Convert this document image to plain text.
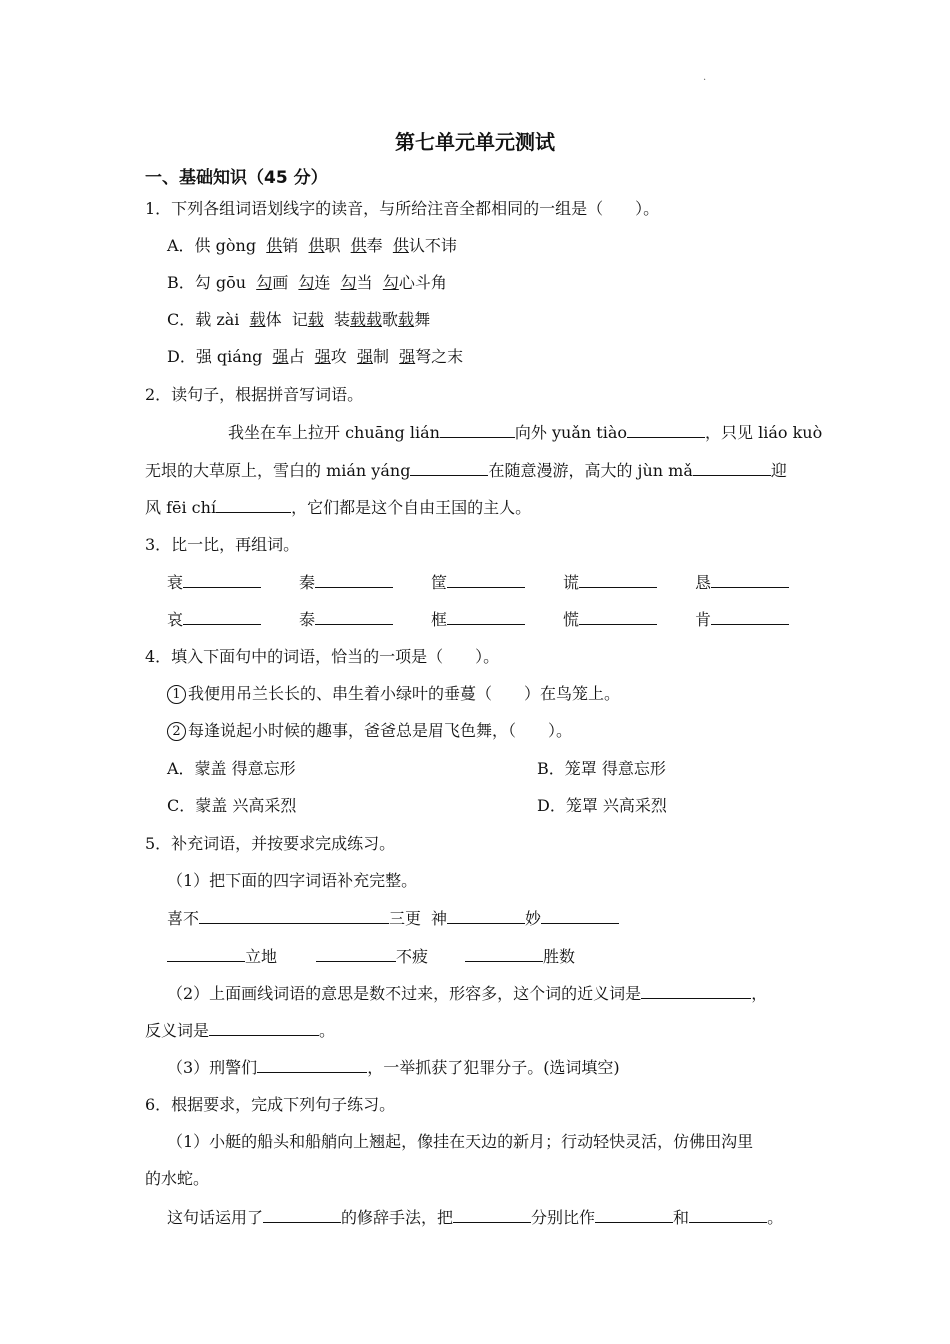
.
第七单元单元测试
一、基础知识（45 分）
1．下列各组词语划线字的读音，与所给注音全都相同的一组是（　　）。
A．供 gòng 供销 供职 供奉 供认不讳
B．勾 gōu 勾画 勾连 勾当 勾心斗角
C．载 zài 载体 记载 装载载歌载舞
D．强 qiáng 强占 强攻 强制 强弩之末
2．读句子，根据拼音写词语。
我坐在车上拉开 chuāng lián	向外 yuǎn tiào	，只见 liáo kuò
无垠的大草原上，雪白的 mián yáng	在随意漫游，高大的 jùn mǎ	迎
风 fēi chí	，它们都是这个自由王国的主人。
3．比一比，再组词。
衰	秦	筐	谎	恳
哀	泰	框	慌	肯
4．填入下面句中的词语，恰当的一项是（　　）。
1 我便用吊兰长长的、串生着小绿叶的垂蔓（　　）在鸟笼上。
2 每逢说起小时候的趣事，爸爸总是眉飞色舞，（　　）。
A．蒙盖 得意忘形	B．笼罩 得意忘形
C．蒙盖 兴高采烈	D．笼罩 兴高采烈
5．补充词语，并按要求完成练习。
（1）把下面的四字词语补充完整。
喜不	三更 神	妙
立地	不疲	胜数
（2）上面画线词语的意思是数不过来，形容多，这个词的近义词是	，
反义词是	。
（3）刑警们	，一举抓获了犯罪分子。(选词填空)
6．根据要求，完成下列句子练习。
（1）小艇的船头和船艄向上翘起，像挂在天边的新月；行动轻快灵活，仿佛田沟里
的水蛇。
这句话运用了	的修辞手法，把	分别比作	和	。
